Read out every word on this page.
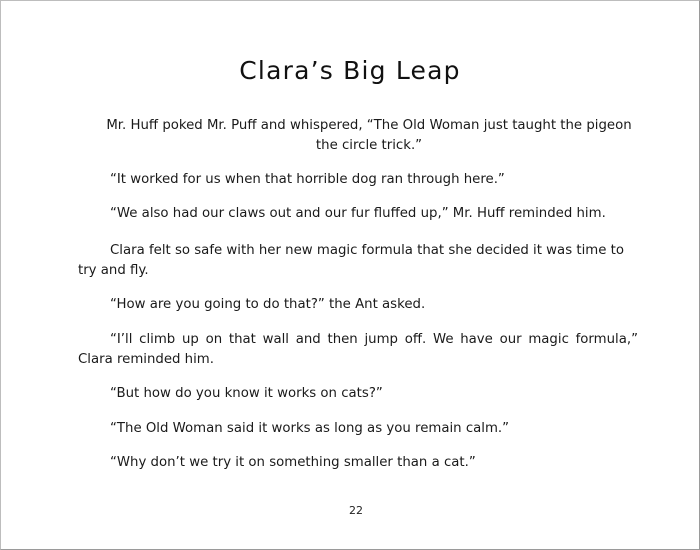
Clara’s Big Leap

Mr. Huff poked Mr. Puff and whispered, “The Old Woman just taught the pigeon the circle trick.”

“It worked for us when that horrible dog ran through here.”

“We also had our claws out and our fur fluffed up,” Mr. Huff reminded him.

Clara felt so safe with her new magic formula that she decided it was time to try and fly.

“How are you going to do that?” the Ant asked.

“I’ll climb up on that wall and then jump off. We have our magic formula,” Clara reminded him.

“But how do you know it works on cats?”

“The Old Woman said it works as long as you remain calm.”

“Why don’t we try it on something smaller than a cat.”

22
